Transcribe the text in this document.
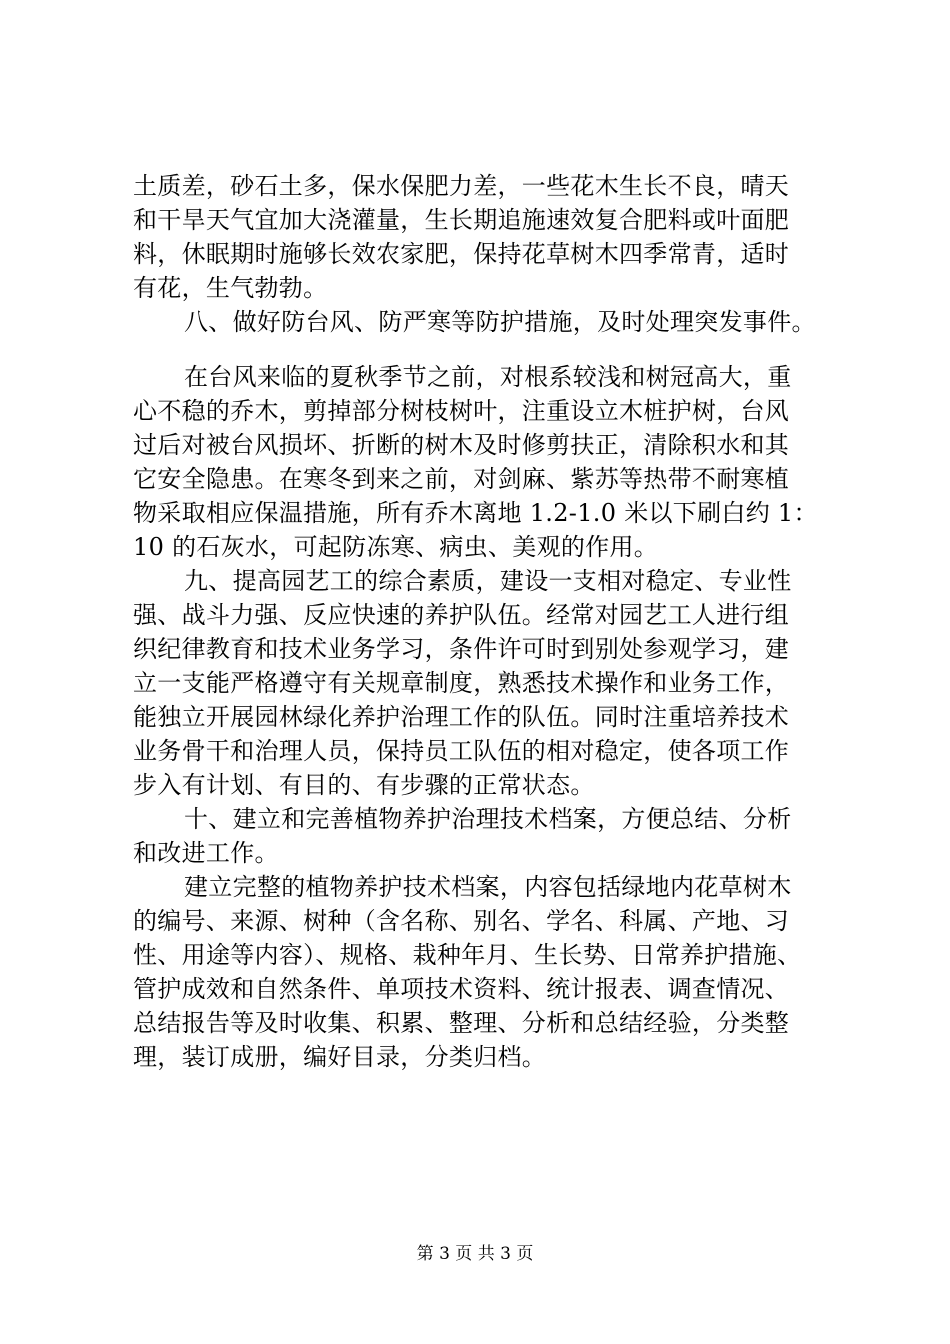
土质差，砂石土多，保水保肥力差，一些花木生长不良，晴天
和干旱天气宜加大浇灌量，生长期追施速效复合肥料或叶面肥
料，休眠期时施够长效农家肥，保持花草树木四季常青，适时
有花，生气勃勃。
八、做好防台风、防严寒等防护措施，及时处理突发事件。
在台风来临的夏秋季节之前，对根系较浅和树冠高大，重
心不稳的乔木，剪掉部分树枝树叶，注重设立木桩护树，台风
过后对被台风损坏、折断的树木及时修剪扶正，清除积水和其
它安全隐患。在寒冬到来之前，对剑麻、紫苏等热带不耐寒植
物采取相应保温措施，所有乔木离地 1.2-1.0 米以下刷白约 1：
10 的石灰水，可起防冻寒、病虫、美观的作用。
九、提高园艺工的综合素质，建设一支相对稳定、专业性
强、战斗力强、反应快速的养护队伍。经常对园艺工人进行组
织纪律教育和技术业务学习，条件许可时到别处参观学习，建
立一支能严格遵守有关规章制度，熟悉技术操作和业务工作，
能独立开展园林绿化养护治理工作的队伍。同时注重培养技术
业务骨干和治理人员，保持员工队伍的相对稳定，使各项工作
步入有计划、有目的、有步骤的正常状态。
十、建立和完善植物养护治理技术档案，方便总结、分析
和改进工作。
建立完整的植物养护技术档案，内容包括绿地内花草树木
的编号、来源、树种（含名称、别名、学名、科属、产地、习
性、用途等内容）、规格、栽种年月、生长势、日常养护措施、
管护成效和自然条件、单项技术资料、统计报表、调查情况、
总结报告等及时收集、积累、整理、分析和总结经验，分类整
理，装订成册，编好目录，分类归档。
第 3 页 共 3 页
